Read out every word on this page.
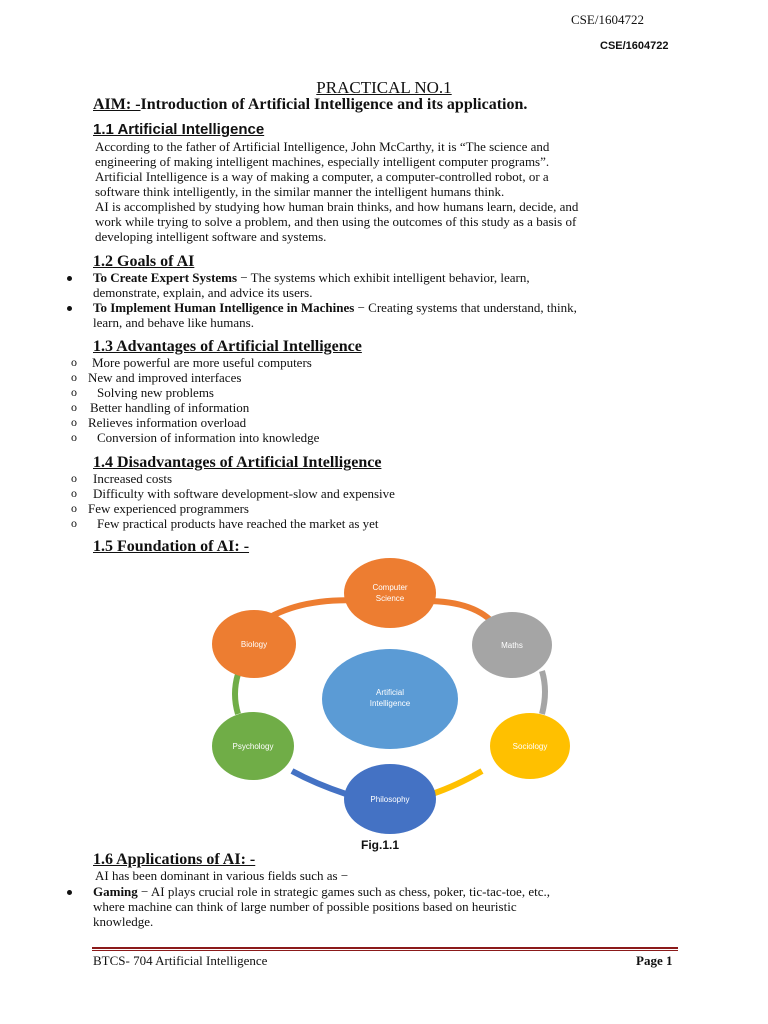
CSE/1604722
CSE/1604722
PRACTICAL NO.1
AIM: -Introduction of Artificial Intelligence and its application.
1.1 Artificial Intelligence
According to the father of Artificial Intelligence, John McCarthy, it is “The science and
engineering of making intelligent machines, especially intelligent computer programs”.
Artificial Intelligence is a way of making a computer, a computer-controlled robot, or a
software think intelligently, in the similar manner the intelligent humans think.
AI is accomplished by studying how human brain thinks, and how humans learn, decide, and
work while trying to solve a problem, and then using the outcomes of this study as a basis of
developing intelligent software and systems.
1.2 Goals of AI
To Create Expert Systems − The systems which exhibit intelligent behavior, learn,
demonstrate, explain, and advice its users.
To Implement Human Intelligence in Machines − Creating systems that understand, think,
learn, and behave like humans.
1.3 Advantages of Artificial Intelligence
o More powerful are more useful computers
o New and improved interfaces
o Solving new problems
o Better handling of information
o Relieves information overload
o Conversion of information into knowledge
1.4 Disadvantages of Artificial Intelligence
o Increased costs
o Difficulty with software development-slow and expensive
o Few experienced programmers
o Few practical products have reached the market as yet
1.5 Foundation of AI: -
Artificial
Intelligence
Computer
Science
Maths
Sociology
Philosophy
Psychology
Biology
Fig.1.1
1.6 Applications of AI: -
AI has been dominant in various fields such as −
Gaming − AI plays crucial role in strategic games such as chess, poker, tic-tac-toe, etc.,
where machine can think of large number of possible positions based on heuristic
knowledge.
BTCS- 704 Artificial Intelligence	Page 1
